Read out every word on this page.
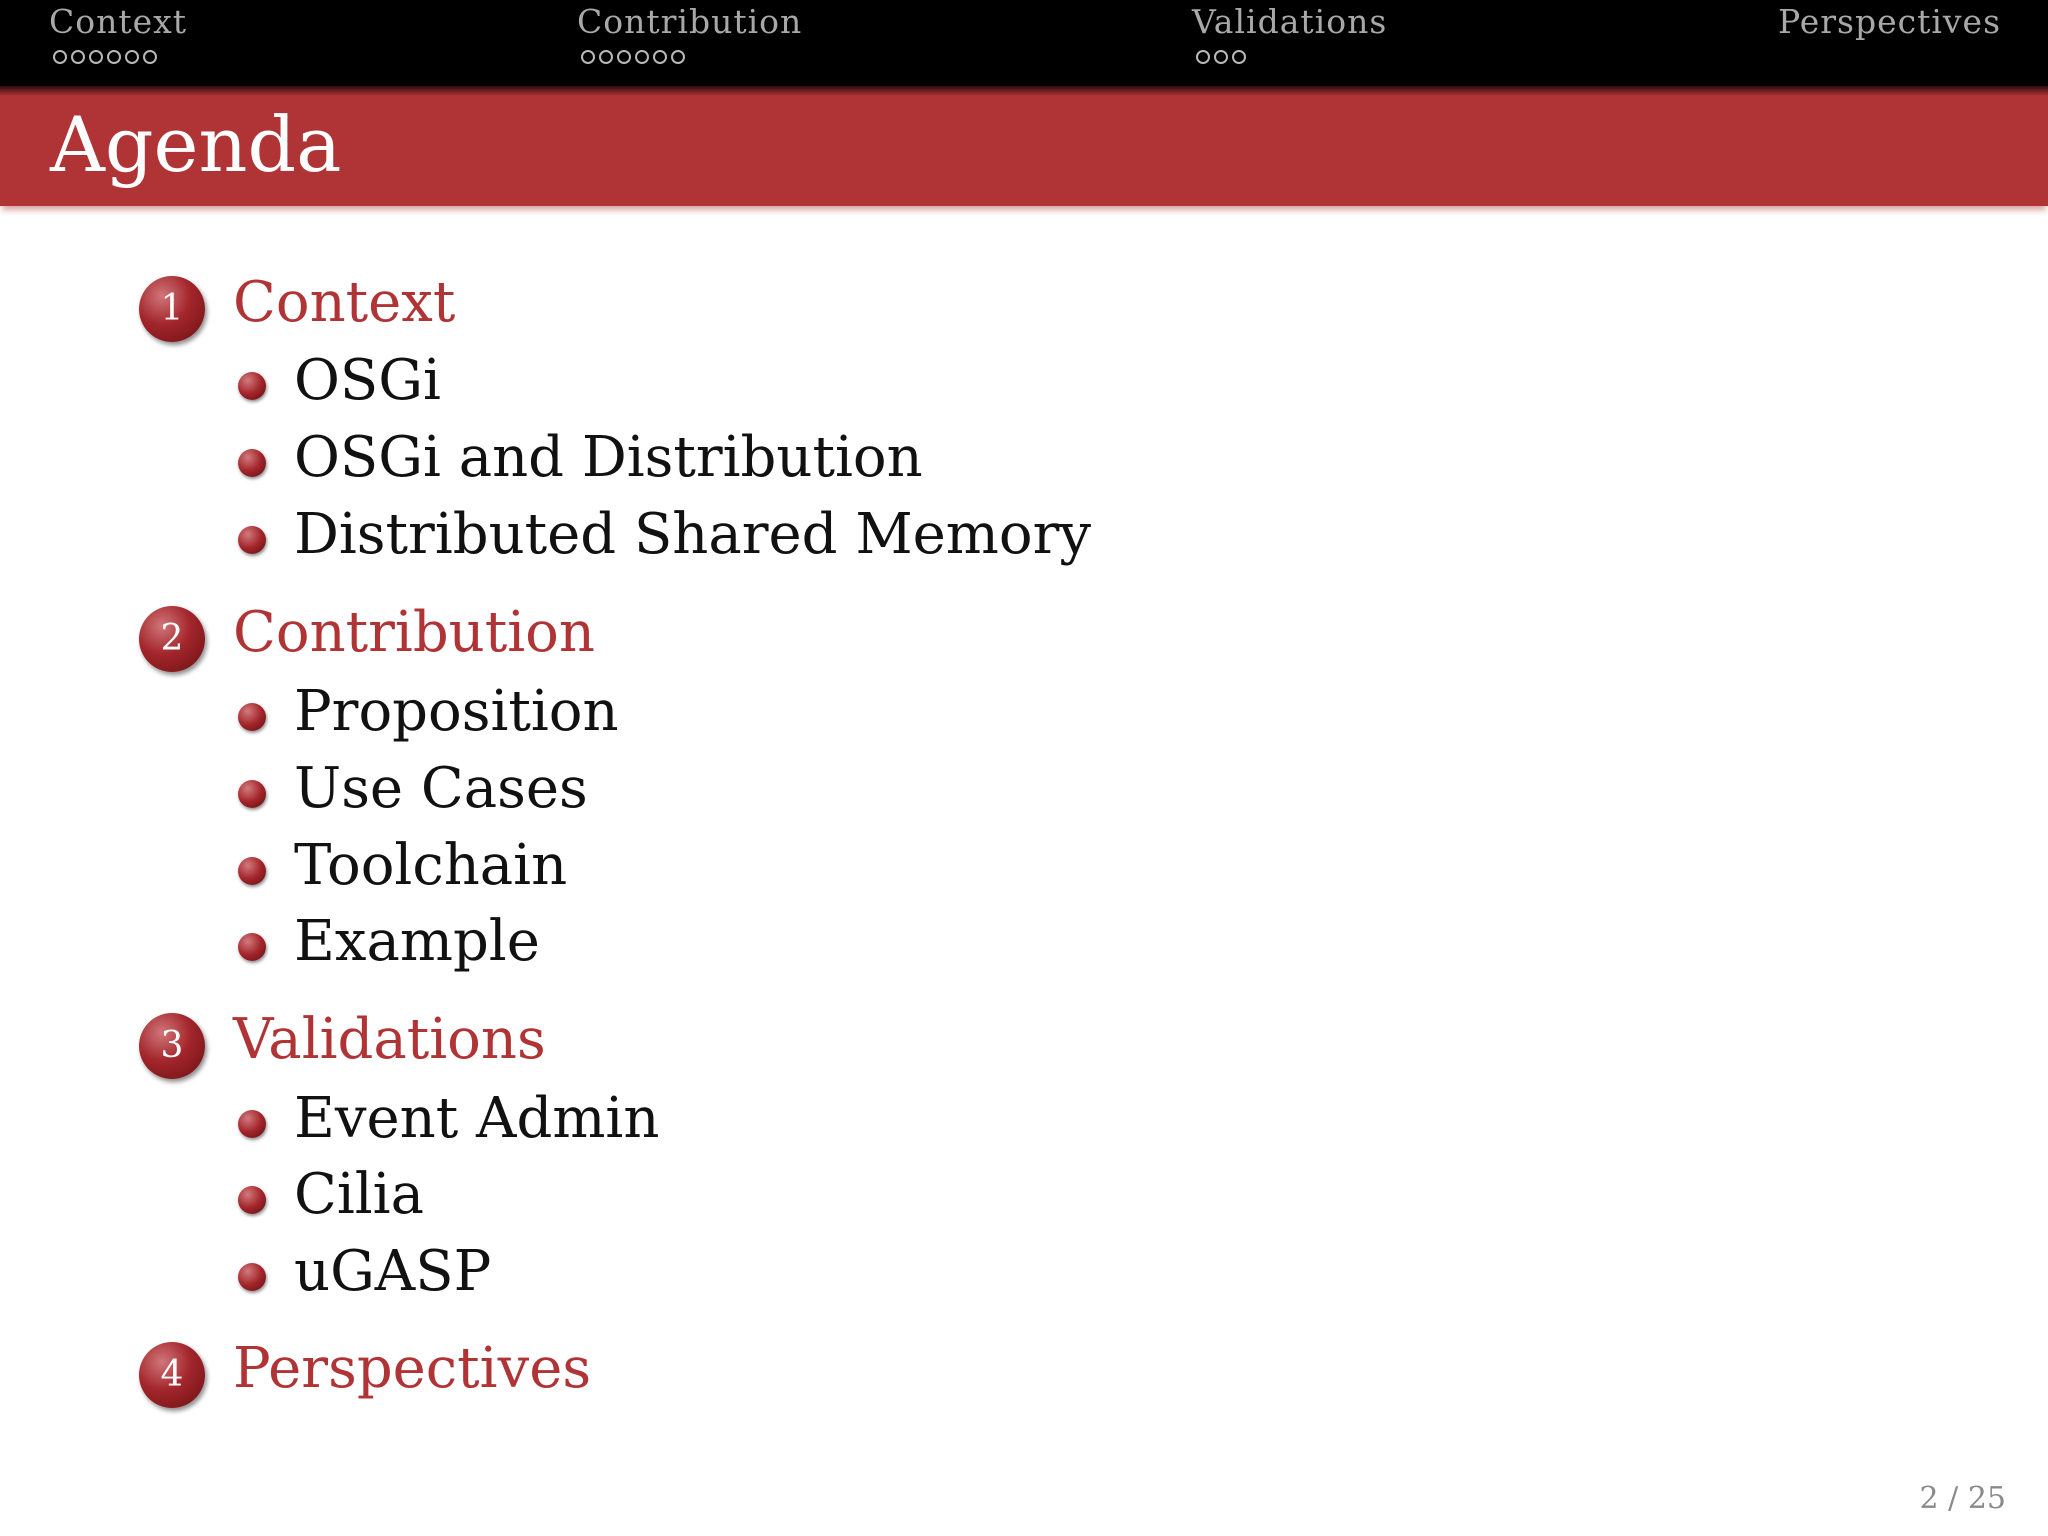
Context	Contribution	Validations	Perspectives
Agenda
1 Context
OSGi
OSGi and Distribution
Distributed Shared Memory
2 Contribution
Proposition
Use Cases
Toolchain
Example
3 Validations
Event Admin
Cilia
uGASP
4 Perspectives
2 / 25
